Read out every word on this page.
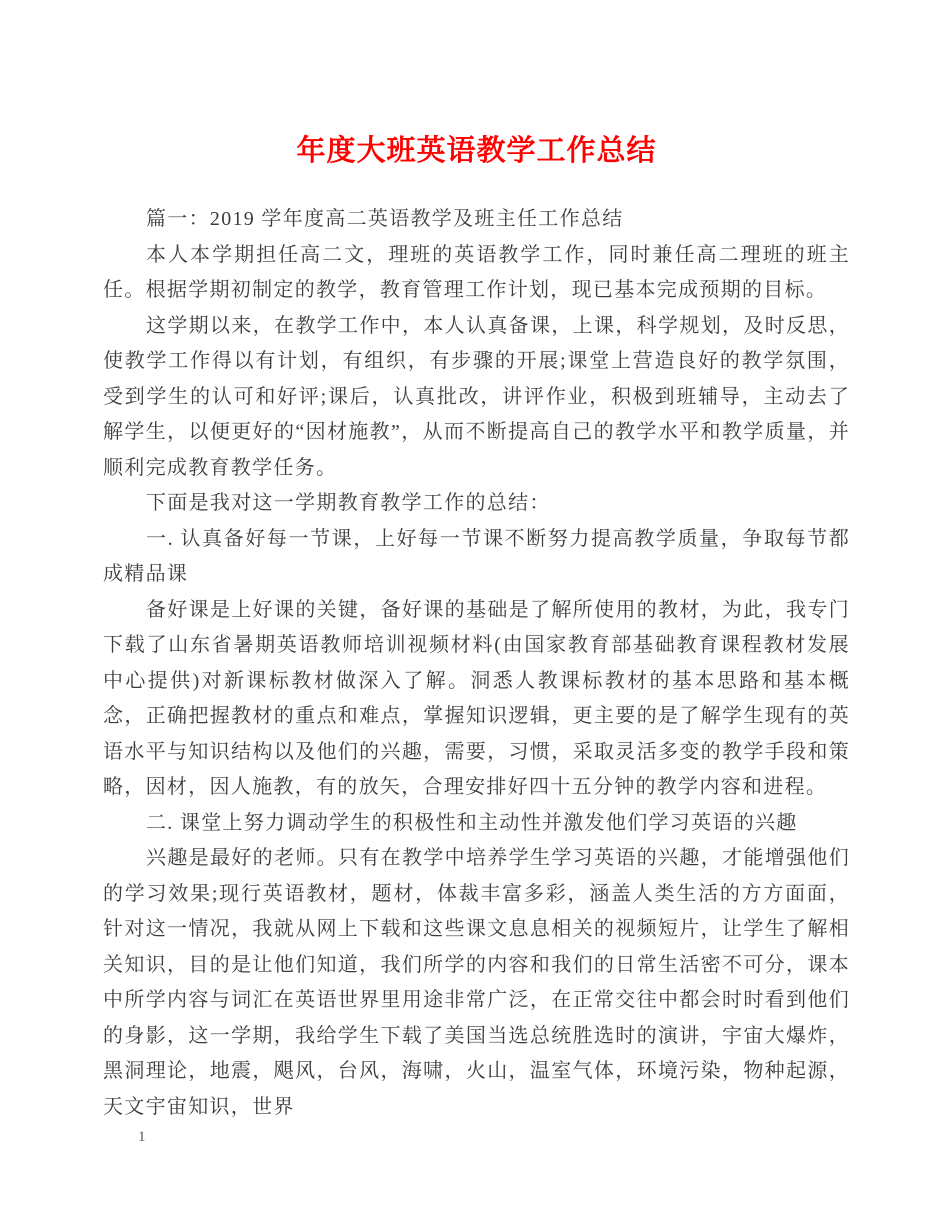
年度大班英语教学工作总结

篇一：2019 学年度高二英语教学及班主任工作总结

本人本学期担任高二文，理班的英语教学工作，同时兼任高二理班的班主任。根据学期初制定的教学，教育管理工作计划，现已基本完成预期的目标。

这学期以来，在教学工作中，本人认真备课，上课，科学规划，及时反思，使教学工作得以有计划，有组织，有步骤的开展;课堂上营造良好的教学氛围，受到学生的认可和好评;课后，认真批改，讲评作业，积极到班辅导，主动去了解学生，以便更好的“因材施教”，从而不断提高自己的教学水平和教学质量，并顺利完成教育教学任务。

下面是我对这一学期教育教学工作的总结：

一. 认真备好每一节课，上好每一节课不断努力提高教学质量，争取每节都成精品课

备好课是上好课的关键，备好课的基础是了解所使用的教材，为此，我专门下载了山东省暑期英语教师培训视频材料(由国家教育部基础教育课程教材发展中心提供)对新课标教材做深入了解。洞悉人教课标教材的基本思路和基本概念，正确把握教材的重点和难点，掌握知识逻辑，更主要的是了解学生现有的英语水平与知识结构以及他们的兴趣，需要，习惯，采取灵活多变的教学手段和策略，因材，因人施教，有的放矢，合理安排好四十五分钟的教学内容和进程。

二. 课堂上努力调动学生的积极性和主动性并激发他们学习英语的兴趣

兴趣是最好的老师。只有在教学中培养学生学习英语的兴趣，才能增强他们的学习效果;现行英语教材，题材，体裁丰富多彩，涵盖人类生活的方方面面，针对这一情况，我就从网上下载和这些课文息息相关的视频短片，让学生了解相关知识，目的是让他们知道，我们所学的内容和我们的日常生活密不可分，课本中所学内容与词汇在英语世界里用途非常广泛，在正常交往中都会时时看到他们的身影，这一学期，我给学生下载了美国当选总统胜选时的演讲，宇宙大爆炸，黑洞理论，地震，飓风，台风，海啸，火山，温室气体，环境污染，物种起源，天文宇宙知识，世界

1
